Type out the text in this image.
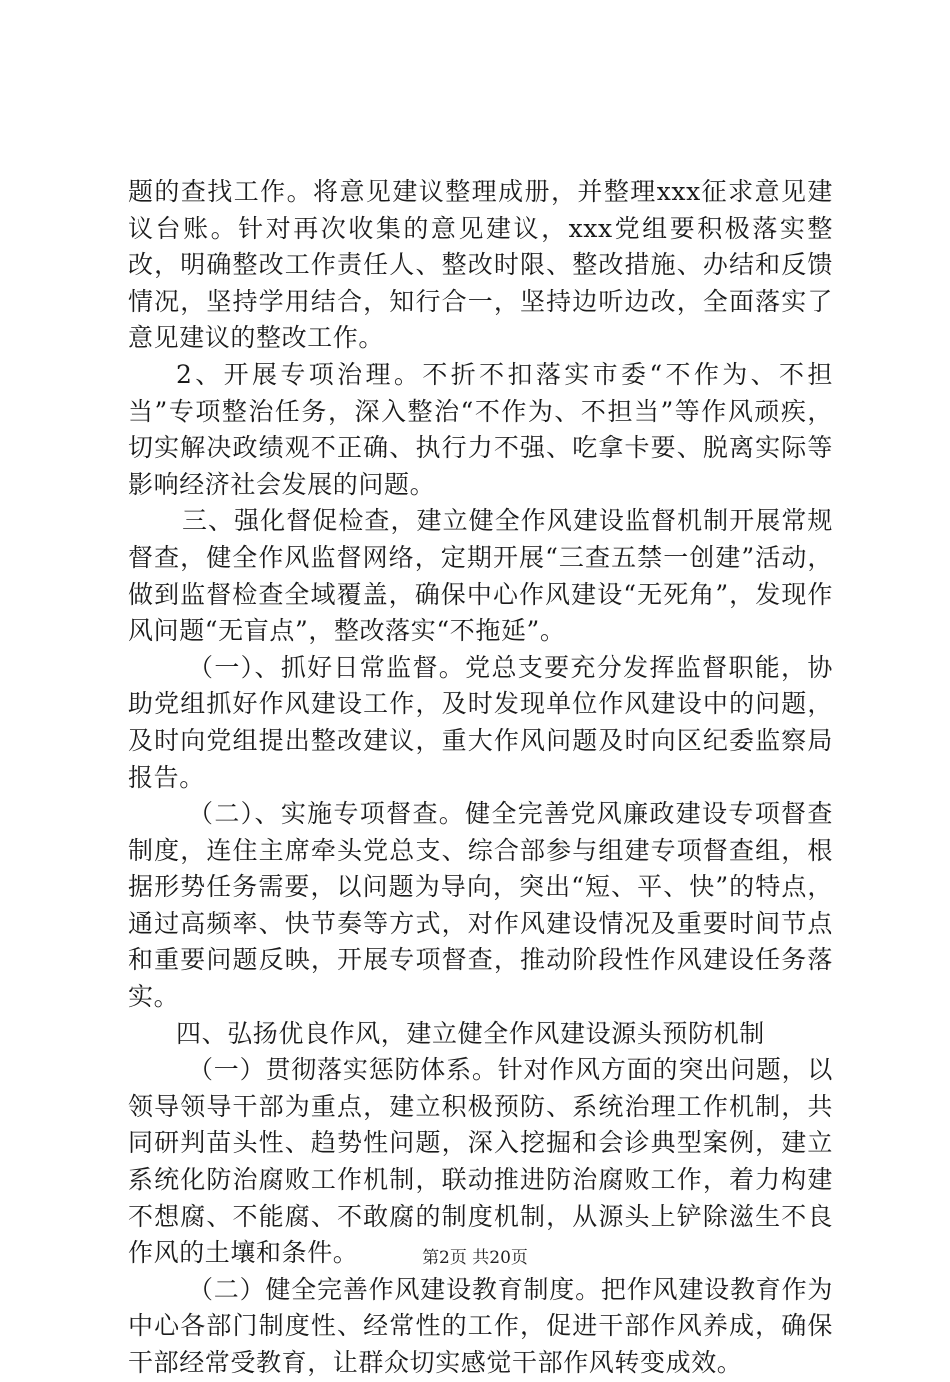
题的查找工作。将意见建议整理成册，并整理xxx征求意见建议台账。针对再次收集的意见建议，xxx党组要积极落实整改，明确整改工作责任人、整改时限、整改措施、办结和反馈情况，坚持学用结合，知行合一，坚持边听边改，全面落实了意见建议的整改工作。

2、开展专项治理。不折不扣落实市委“不作为、不担当”专项整治任务，深入整治“不作为、不担当”等作风顽疾，切实解决政绩观不正确、执行力不强、吃拿卡要、脱离实际等影响经济社会发展的问题。

三、强化督促检查，建立健全作风建设监督机制开展常规督查，健全作风监督网络，定期开展“三查五禁一创建”活动，做到监督检查全域覆盖，确保中心作风建设“无死角”，发现作风问题“无盲点”，整改落实“不拖延”。

（一）、抓好日常监督。党总支要充分发挥监督职能，协助党组抓好作风建设工作，及时发现单位作风建设中的问题，及时向党组提出整改建议，重大作风问题及时向区纪委监察局报告。

（二）、实施专项督查。健全完善党风廉政建设专项督查制度，连住主席牵头党总支、综合部参与组建专项督查组，根据形势任务需要，以问题为导向，突出“短、平、快”的特点，通过高频率、快节奏等方式，对作风建设情况及重要时间节点和重要问题反映，开展专项督查，推动阶段性作风建设任务落实。

四、弘扬优良作风，建立健全作风建设源头预防机制

（一）贯彻落实惩防体系。针对作风方面的突出问题，以领导领导干部为重点，建立积极预防、系统治理工作机制，共同研判苗头性、趋势性问题，深入挖掘和会诊典型案例，建立系统化防治腐败工作机制，联动推进防治腐败工作，着力构建不想腐、不能腐、不敢腐的制度机制，从源头上铲除滋生不良作风的土壤和条件。

（二）健全完善作风建设教育制度。把作风建设教育作为中心各部门制度性、经常性的工作，促进干部作风养成，确保干部经常受教育，让群众切实感觉干部作风转变成效。

第2页 共20页
